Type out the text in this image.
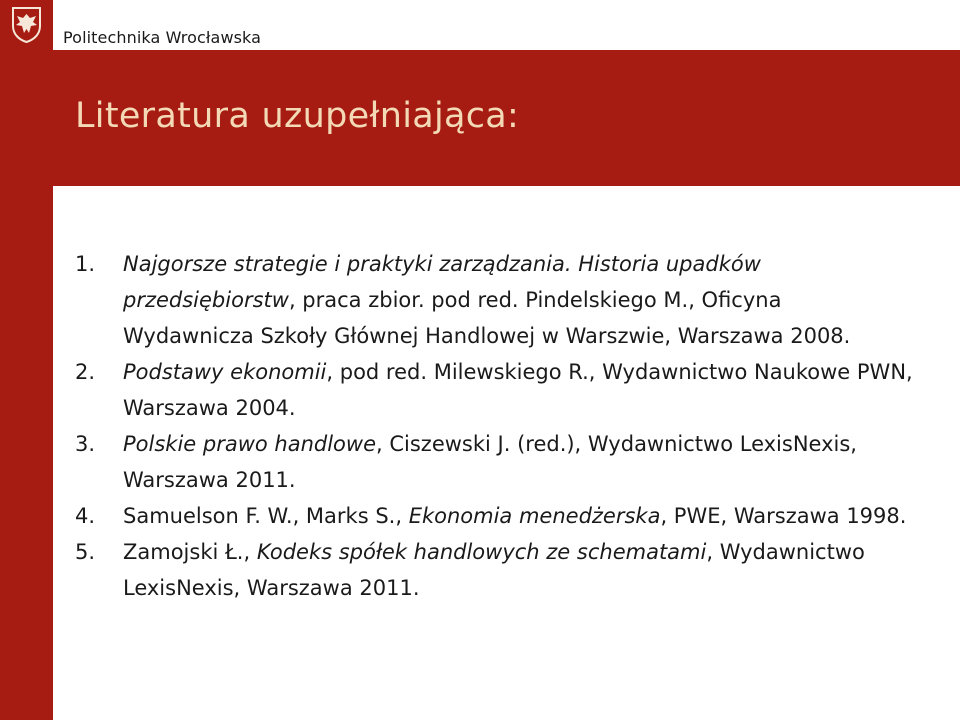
Politechnika Wrocławska
Literatura uzupełniająca:
1. Najgorsze strategie i praktyki zarządzania. Historia upadków przedsiębiorstw, praca zbior. pod red. Pindelskiego M., Oficyna Wydawnicza Szkoły Głównej Handlowej w Warszwie, Warszawa 2008.
2. Podstawy ekonomii, pod red. Milewskiego R., Wydawnictwo Naukowe PWN, Warszawa 2004.
3. Polskie prawo handlowe, Ciszewski J. (red.), Wydawnictwo LexisNexis, Warszawa 2011.
4. Samuelson F. W., Marks S., Ekonomia menedżerska, PWE, Warszawa 1998.
5. Zamojski Ł., Kodeks spółek handlowych ze schematami, Wydawnictwo LexisNexis, Warszawa 2011.
